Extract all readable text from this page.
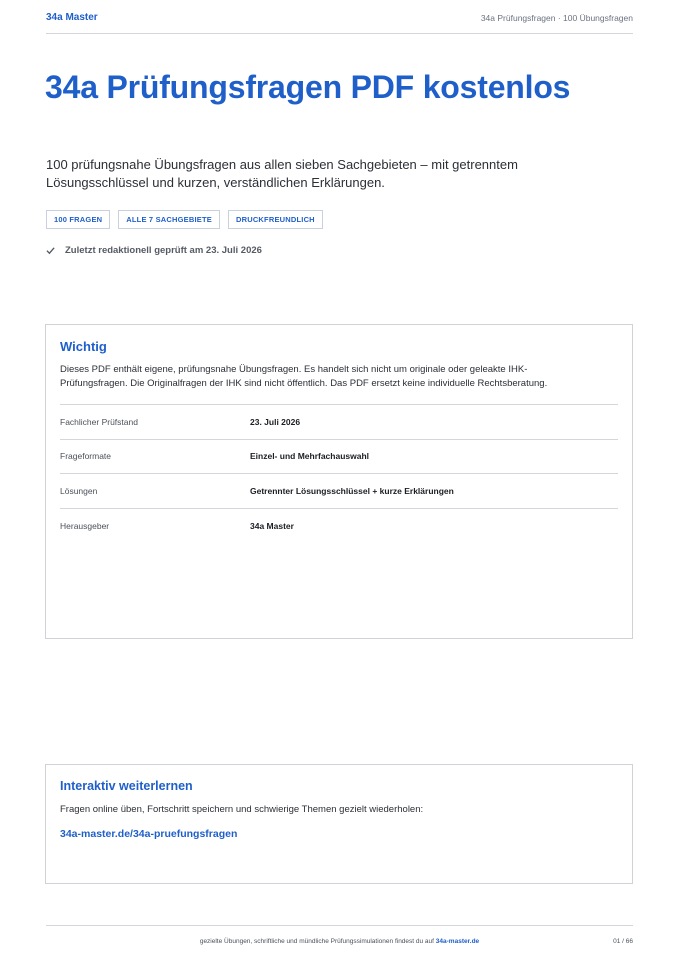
34a Master	34a Prüfungsfragen · 100 Übungsfragen
34a Prüfungsfragen PDF kostenlos

100 prüfungsnahe Übungsfragen aus allen sieben Sachgebieten – mit getrenntem Lösungsschlüssel und kurzen, verständlichen Erklärungen.

100 FRAGEN	ALLE 7 SACHGEBIETE	DRUCKFREUNDLICH
Zuletzt redaktionell geprüft am 23. Juli 2026
Wichtig

Dieses PDF enthält eigene, prüfungsnahe Übungsfragen. Es handelt sich nicht um originale oder geleakte IHK-Prüfungsfragen. Die Originalfragen der IHK sind nicht öffentlich. Das PDF ersetzt keine individuelle Rechtsberatung.

Fachlicher Prüfstand	23. Juli 2026
Frageformate	Einzel- und Mehrfachauswahl
Lösungen	Getrennter Lösungsschlüssel + kurze Erklärungen
Herausgeber	34a Master
Interaktiv weiterlernen

Fragen online üben, Fortschritt speichern und schwierige Themen gezielt wiederholen:

34a-master.de/34a-pruefungsfragen
gezielte Übungen, schriftliche und mündliche Prüfungssimulationen findest du auf 34a-master.de	01 / 66
